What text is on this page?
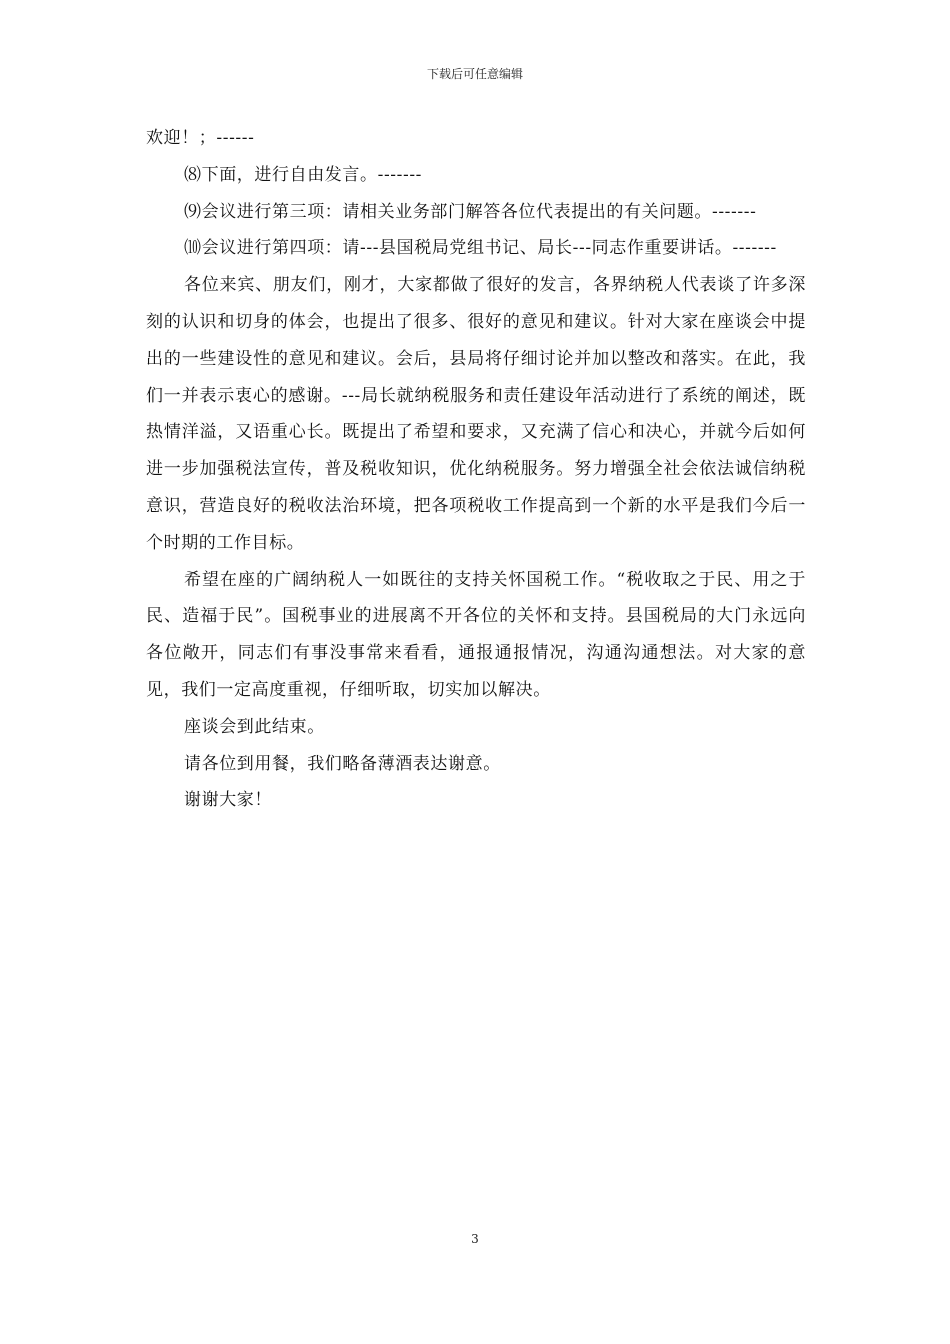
下载后可任意编辑

欢迎！；------

⑻下面，进行自由发言。-------

⑼会议进行第三项：请相关业务部门解答各位代表提出的有关问题。-------

⑽会议进行第四项：请---县国税局党组书记、局长---同志作重要讲话。-------

各位来宾、朋友们，刚才，大家都做了很好的发言，各界纳税人代表谈了许多深刻的认识和切身的体会，也提出了很多、很好的意见和建议。针对大家在座谈会中提出的一些建设性的意见和建议。会后，县局将仔细讨论并加以整改和落实。在此，我们一并表示衷心的感谢。---局长就纳税服务和责任建设年活动进行了系统的阐述，既热情洋溢，又语重心长。既提出了希望和要求，又充满了信心和决心，并就今后如何进一步加强税法宣传，普及税收知识，优化纳税服务。努力增强全社会依法诚信纳税意识，营造良好的税收法治环境，把各项税收工作提高到一个新的水平是我们今后一个时期的工作目标。

希望在座的广阔纳税人一如既往的支持关怀国税工作。“税收取之于民、用之于民、造福于民”。国税事业的进展离不开各位的关怀和支持。县国税局的大门永远向各位敞开，同志们有事没事常来看看，通报通报情况，沟通沟通想法。对大家的意见，我们一定高度重视，仔细听取，切实加以解决。

座谈会到此结束。

请各位到用餐，我们略备薄酒表达谢意。

谢谢大家！

3
